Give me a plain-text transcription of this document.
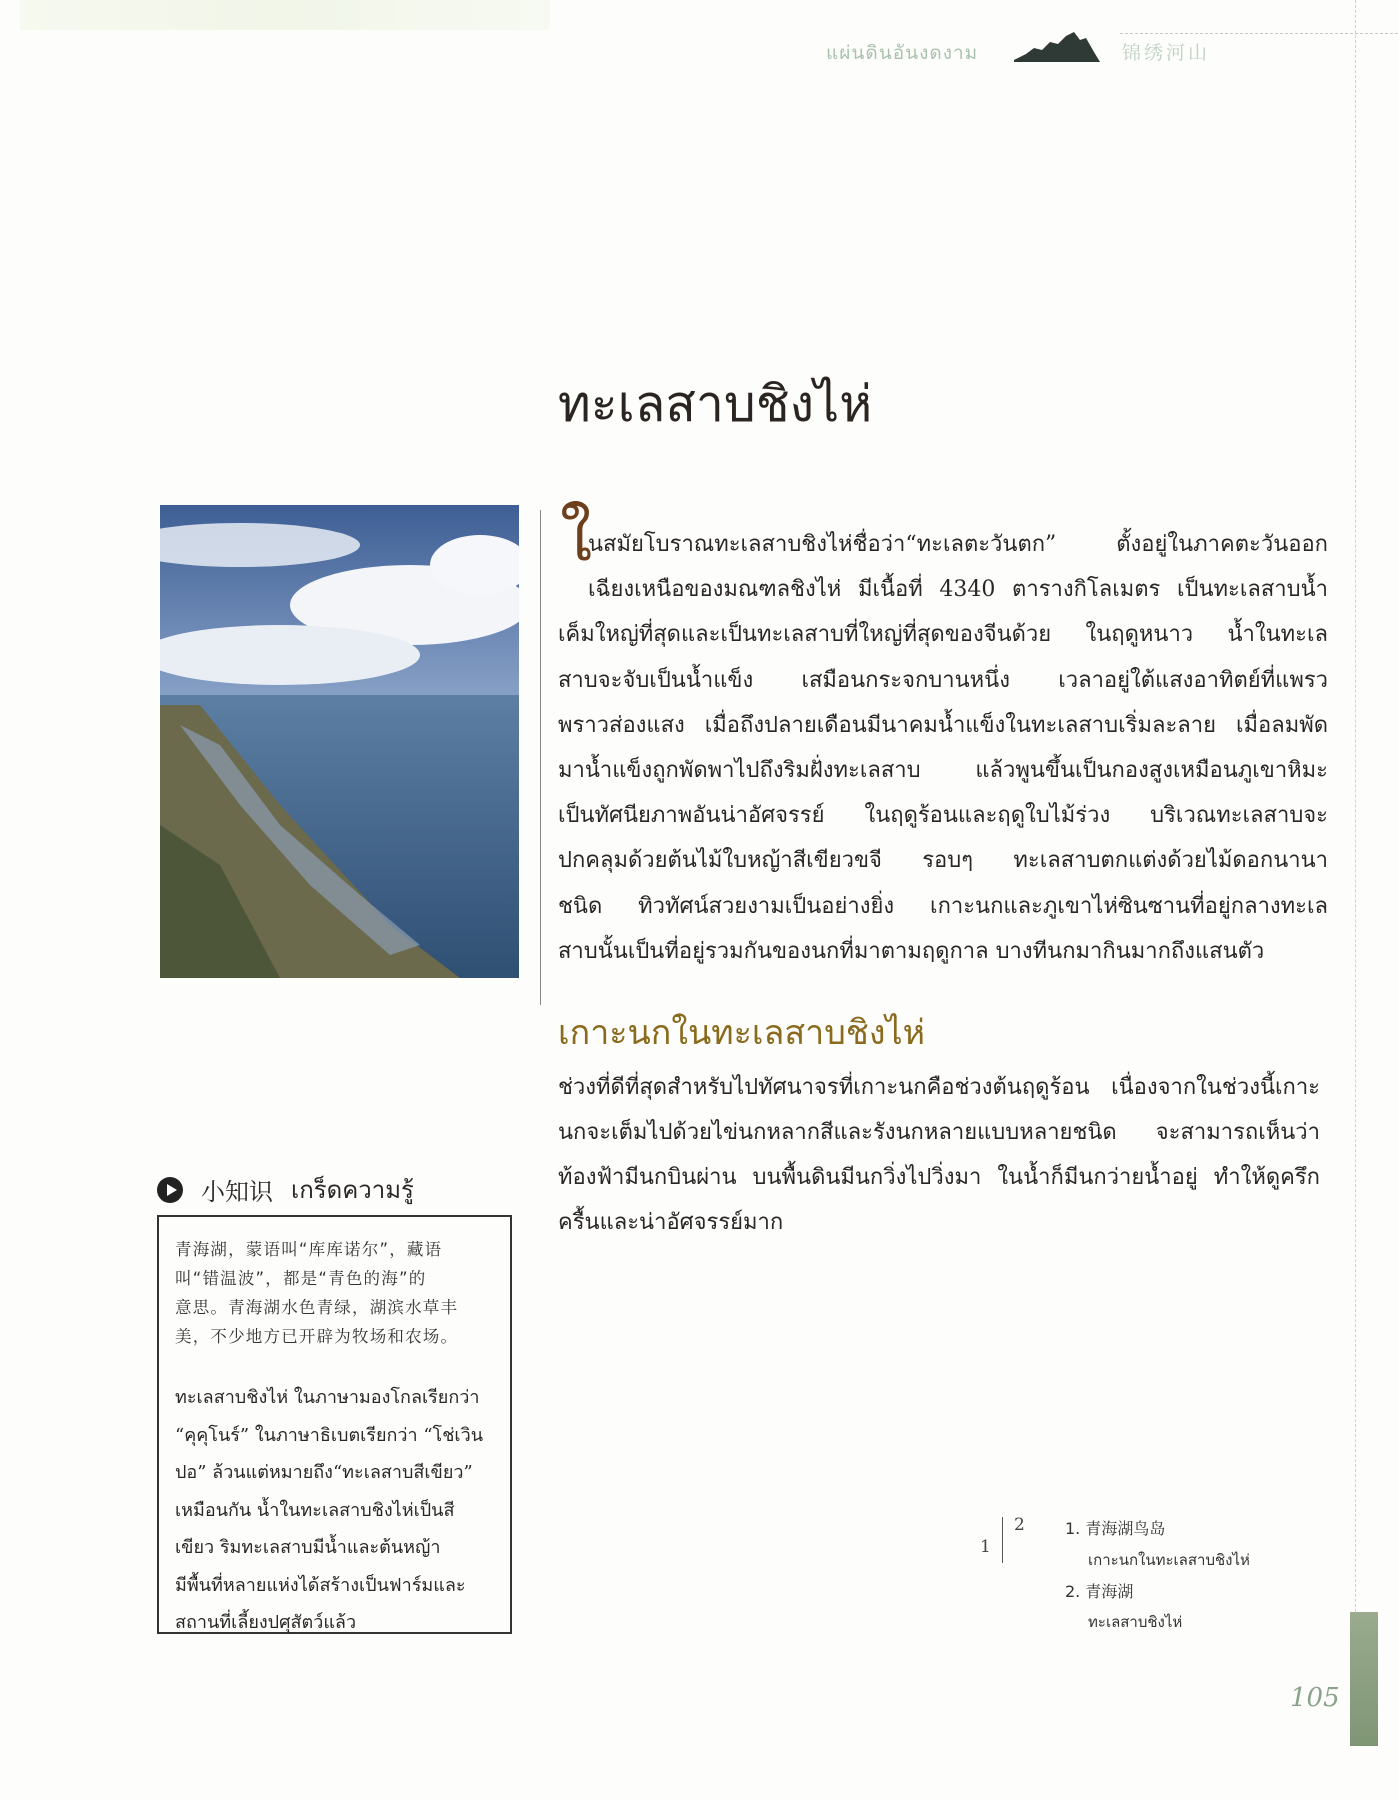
แผ่นดินอันงดงาม	锦绣河山
ทะเลสาบชิงไห่
ใ
นสมัยโบราณทะเลสาบชิงไห่ชื่อว่า“ทะเลตะวันตก” ตั้งอยู่ในภาคตะวันออก
เฉียงเหนือของมณฑลชิงไห่ มีเนื้อที่ 4340 ตารางกิโลเมตร เป็นทะเลสาบน้ำ
เค็มใหญ่ที่สุดและเป็นทะเลสาบที่ใหญ่ที่สุดของจีนด้วย ในฤดูหนาว น้ำในทะเล
สาบจะจับเป็นน้ำแข็ง เสมือนกระจกบานหนึ่ง เวลาอยู่ใต้แสงอาทิตย์ที่แพรว
พราวส่องแสง เมื่อถึงปลายเดือนมีนาคมน้ำแข็งในทะเลสาบเริ่มละลาย เมื่อลมพัด
มาน้ำแข็งถูกพัดพาไปถึงริมฝั่งทะเลสาบ แล้วพูนขึ้นเป็นกองสูงเหมือนภูเขาหิมะ
เป็นทัศนียภาพอันน่าอัศจรรย์ ในฤดูร้อนและฤดูใบไม้ร่วง บริเวณทะเลสาบจะ
ปกคลุมด้วยต้นไม้ใบหญ้าสีเขียวขจี รอบๆ ทะเลสาบตกแต่งด้วยไม้ดอกนานา
ชนิด ทิวทัศน์สวยงามเป็นอย่างยิ่ง เกาะนกและภูเขาไห่ซินซานที่อยู่กลางทะเล
สาบนั้นเป็นที่อยู่รวมกันของนกที่มาตามฤดูกาล บางทีนกมากินมากถึงแสนตัว
เกาะนกในทะเลสาบชิงไห่
ช่วงที่ดีที่สุดสำหรับไปทัศนาจรที่เกาะนกคือช่วงต้นฤดูร้อน เนื่องจากในช่วงนี้เกาะ
นกจะเต็มไปด้วยไข่นกหลากสีและรังนกหลายแบบหลายชนิด จะสามารถเห็นว่า
ท้องฟ้ามีนกบินผ่าน บนพื้นดินมีนกวิ่งไปวิ่งมา ในน้ำก็มีนกว่ายน้ำอยู่ ทำให้ดูครึก
ครื้นและน่าอัศจรรย์มาก
小知识 เกร็ดความรู้
青海湖，蒙语叫“库库诺尔”，藏语
叫“错温波”，都是“青色的海”的
意思。青海湖水色青绿，湖滨水草丰
美，不少地方已开辟为牧场和农场。
ทะเลสาบชิงไห่ ในภาษามองโกลเรียกว่า
“คุคุโนร์” ในภาษาธิเบตเรียกว่า “โช่เวิน
ปอ” ล้วนแต่หมายถึง“ทะเลสาบสีเขียว”
เหมือนกัน น้ำในทะเลสาบชิงไห่เป็นสี
เขียว ริมทะเลสาบมีน้ำและต้นหญ้า
มีพื้นที่หลายแห่งได้สร้างเป็นฟาร์มและ
สถานที่เลี้ยงปศุสัตว์แล้ว
1
2	1. 青海湖鸟岛
เกาะนกในทะเลสาบชิงไห่
2. 青海湖
ทะเลสาบชิงไห่
105
